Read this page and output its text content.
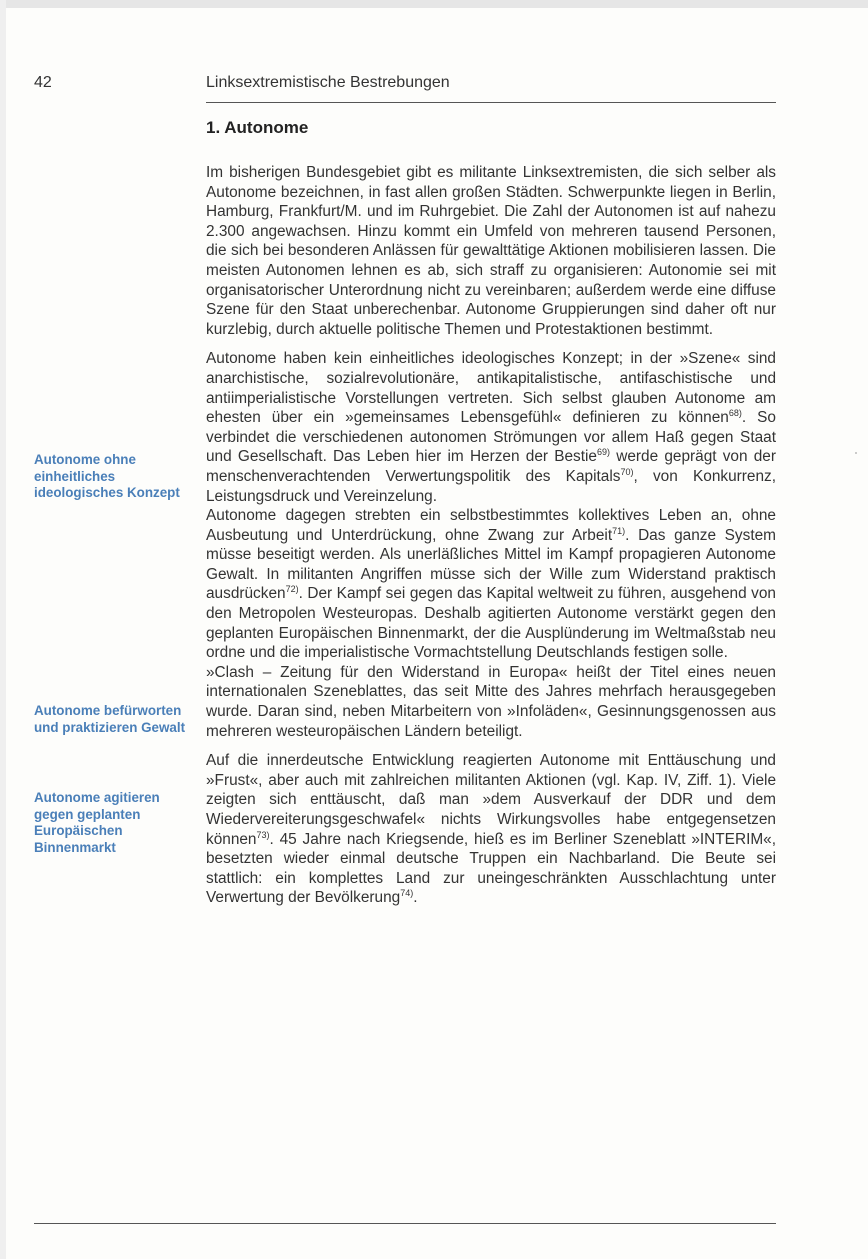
42	Linksextremistische Bestrebungen
1. Autonome
Autonome ohne einheitliches ideologisches Konzept
Autonome befürworten und praktizieren Gewalt
Autonome agitieren gegen geplanten Europäischen Binnenmarkt

Im bisherigen Bundesgebiet gibt es militante Linksextremisten, die sich selber als Autonome bezeichnen, in fast allen großen Städten. Schwerpunkte liegen in Berlin, Hamburg, Frankfurt/M. und im Ruhrgebiet. Die Zahl der Autonomen ist auf nahezu 2.300 angewachsen. Hinzu kommt ein Umfeld von mehreren tausend Personen, die sich bei besonderen Anlässen für gewalttätige Aktionen mobilisieren lassen. Die meisten Autonomen lehnen es ab, sich straff zu organisieren: Autonomie sei mit organisatorischer Unterordnung nicht zu vereinbaren; außerdem werde eine diffuse Szene für den Staat unberechenbar. Autonome Gruppierungen sind daher oft nur kurzlebig, durch aktuelle politische Themen und Protestaktionen bestimmt.

Autonome haben kein einheitliches ideologisches Konzept; in der »Szene« sind anarchistische, sozialrevolutionäre, antikapitalistische, antifaschistische und antiimperialistische Vorstellungen vertreten. Sich selbst glauben Autonome am ehesten über ein »gemeinsames Lebensgefühl« definieren zu können$^{68)}$. So verbindet die verschiedenen autonomen Strömungen vor allem Haß gegen Staat und Gesellschaft. Das Leben hier im Herzen der Bestie$^{69)}$ werde geprägt von der menschenverachtenden Verwertungspolitik des Kapitals$^{70)}$, von Konkurrenz, Leistungsdruck und Vereinzelung.

Autonome dagegen strebten ein selbstbestimmtes kollektives Leben an, ohne Ausbeutung und Unterdrückung, ohne Zwang zur Arbeit$^{71)}$. Das ganze System müsse beseitigt werden. Als unerläßliches Mittel im Kampf propagieren Autonome Gewalt. In militanten Angriffen müsse sich der Wille zum Widerstand praktisch ausdrücken$^{72)}$. Der Kampf sei gegen das Kapital weltweit zu führen, ausgehend von den Metropolen Westeuropas. Deshalb agitierten Autonome verstärkt gegen den geplanten Europäischen Binnenmarkt, der die Ausplünderung im Weltmaßstab neu ordne und die imperialistische Vormachtstellung Deutschlands festigen solle.

»Clash – Zeitung für den Widerstand in Europa« heißt der Titel eines neuen internationalen Szeneblattes, das seit Mitte des Jahres mehrfach herausgegeben wurde. Daran sind, neben Mitarbeitern von »Infoläden«, Gesinnungsgenossen aus mehreren westeuropäischen Ländern beteiligt.

Auf die innerdeutsche Entwicklung reagierten Autonome mit Enttäuschung und »Frust«, aber auch mit zahlreichen militanten Aktionen (vgl. Kap. IV, Ziff. 1). Viele zeigten sich enttäuscht, daß man »dem Ausverkauf der DDR und dem Wiedervereiterungsgeschwafel« nichts Wirkungsvolles habe entgegensetzen können$^{73)}$. 45 Jahre nach Kriegsende, hieß es im Berliner Szeneblatt »INTERIM«, besetzten wieder einmal deutsche Truppen ein Nachbarland. Die Beute sei stattlich: ein komplettes Land zur uneingeschränkten Ausschlachtung unter Verwertung der Bevölkerung$^{74)}$.
